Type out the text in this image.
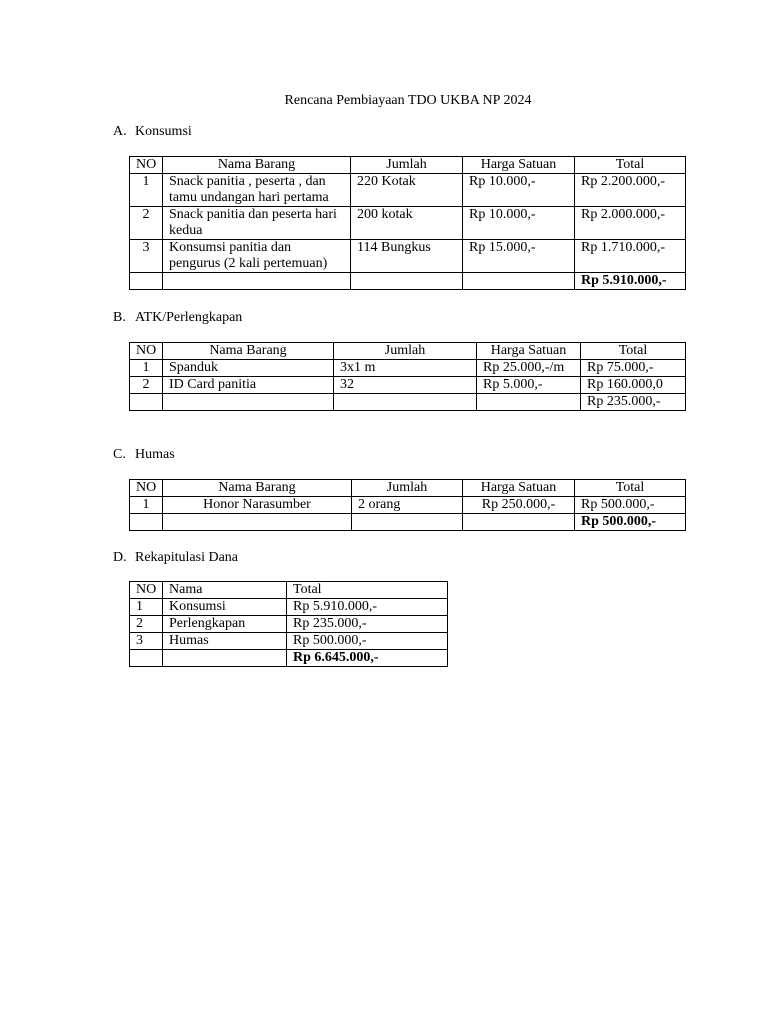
Rencana Pembiayaan TDO UKBA NP 2024
A. Konsumsi
NO	Nama Barang	Jumlah	Harga Satuan	Total
1	Snack panitia , peserta , dan tamu undangan hari pertama	220 Kotak	Rp 10.000,-	Rp 2.200.000,-
2	Snack panitia dan peserta hari kedua	200 kotak	Rp 10.000,-	Rp 2.000.000,-
3	Konsumsi panitia dan pengurus (2 kali pertemuan)	114 Bungkus	Rp 15.000,-	Rp 1.710.000,-
				Rp 5.910.000,-
B. ATK/Perlengkapan
NO	Nama Barang	Jumlah	Harga Satuan	Total
1	Spanduk	3x1 m	Rp 25.000,-/m	Rp 75.000,-
2	ID Card panitia	32	Rp 5.000,-	Rp 160.000,0
				Rp 235.000,-
C. Humas
NO	Nama Barang	Jumlah	Harga Satuan	Total
1	Honor Narasumber	2 orang	Rp 250.000,-	Rp 500.000,-
				Rp 500.000,-
D. Rekapitulasi Dana
NO	Nama	Total
1	Konsumsi	Rp 5.910.000,-
2	Perlengkapan	Rp 235.000,-
3	Humas	Rp 500.000,-
		Rp 6.645.000,-
